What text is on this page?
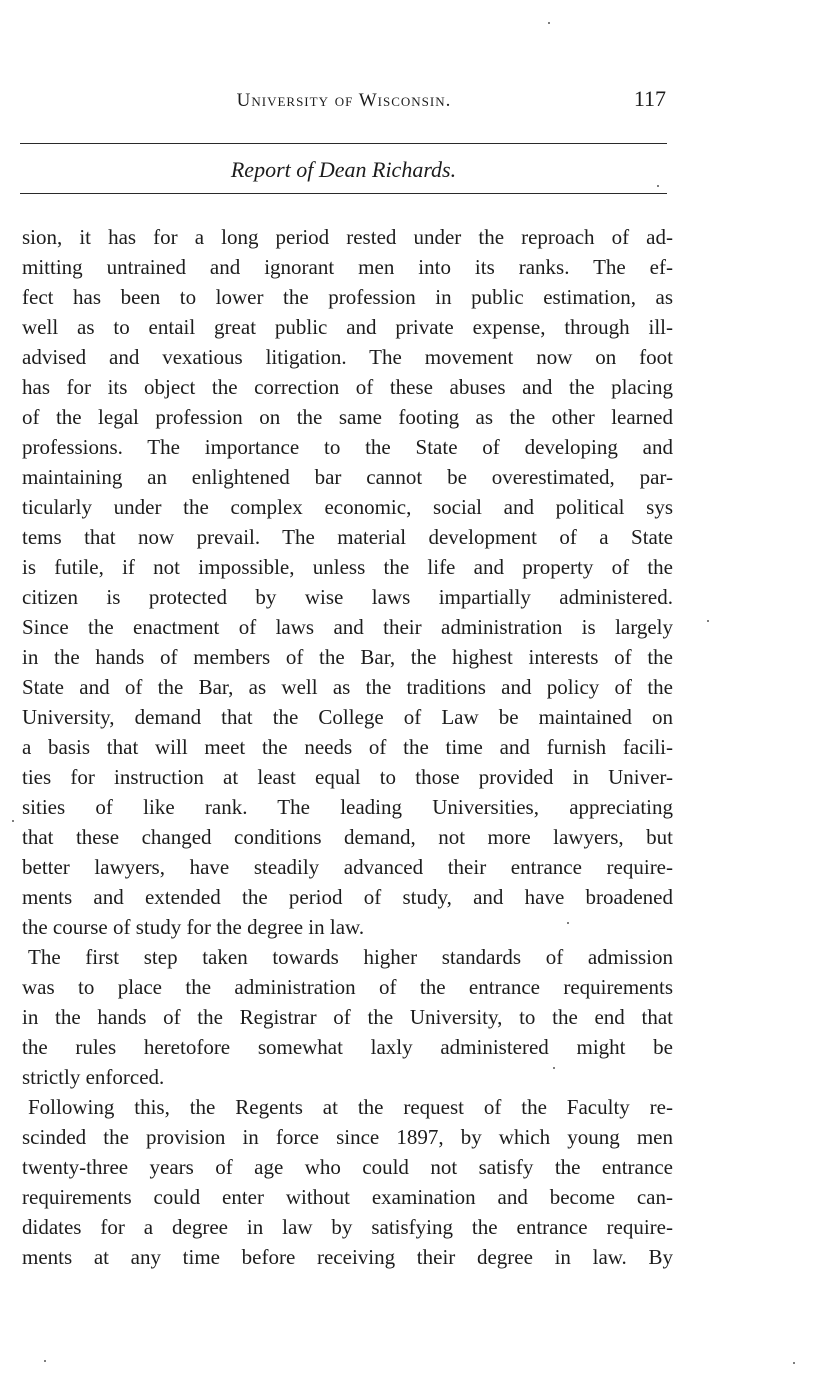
University of Wisconsin.	117
Report of Dean Richards.
sion, it has for a long period rested under the reproach of ad-
mitting untrained and ignorant men into its ranks. The ef-
fect has been to lower the profession in public estimation, as
well as to entail great public and private expense, through ill-
advised and vexatious litigation. The movement now on foot
has for its object the correction of these abuses and the placing
of the legal profession on the same footing as the other learned
professions. The importance to the State of developing and
maintaining an enlightened bar cannot be overestimated, par-
ticularly under the complex economic, social and political sys
tems that now prevail. The material development of a State
is futile, if not impossible, unless the life and property of the
citizen is protected by wise laws impartially administered.
Since the enactment of laws and their administration is largely
in the hands of members of the Bar, the highest interests of the
State and of the Bar, as well as the traditions and policy of the
University, demand that the College of Law be maintained on
a basis that will meet the needs of the time and furnish facili-
ties for instruction at least equal to those provided in Univer-
sities of like rank. The leading Universities, appreciating
that these changed conditions demand, not more lawyers, but
better lawyers, have steadily advanced their entrance require-
ments and extended the period of study, and have broadened
the course of study for the degree in law.
The first step taken towards higher standards of admission
was to place the administration of the entrance requirements
in the hands of the Registrar of the University, to the end that
the rules heretofore somewhat laxly administered might be
strictly enforced.
Following this, the Regents at the request of the Faculty re-
scinded the provision in force since 1897, by which young men
twenty-three years of age who could not satisfy the entrance
requirements could enter without examination and become can-
didates for a degree in law by satisfying the entrance require-
ments at any time before receiving their degree in law. By
